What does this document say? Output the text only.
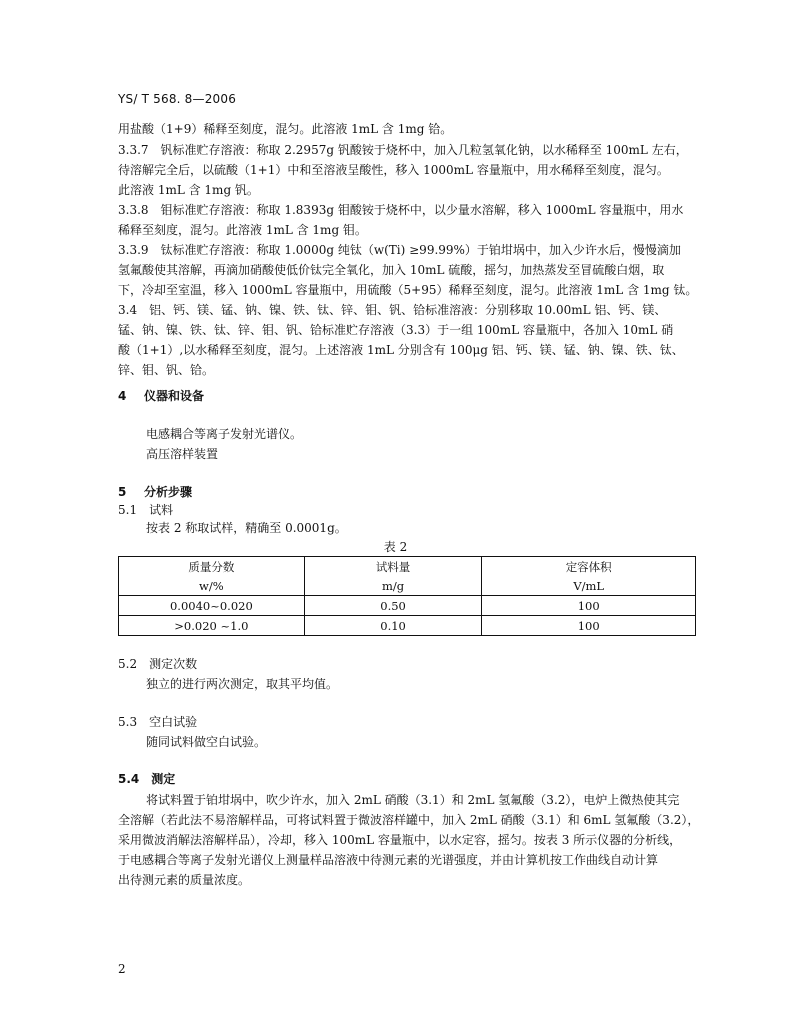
YS/ T 568. 8—2006
用盐酸（1+9）稀释至刻度，混匀。此溶液 1mL 含 1mg 铪。
3.3.7　钒标准贮存溶液：称取 2.2957g 钒酸铵于烧杯中，加入几粒氢氧化钠，以水稀释至 100mL 左右，
待溶解完全后，以硫酸（1+1）中和至溶液呈酸性，移入 1000mL 容量瓶中，用水稀释至刻度，混匀。
此溶液 1mL 含 1mg 钒。
3.3.8　钼标准贮存溶液：称取 1.8393g 钼酸铵于烧杯中，以少量水溶解，移入 1000mL 容量瓶中，用水
稀释至刻度，混匀。此溶液 1mL 含 1mg 钼。
3.3.9　钛标准贮存溶液：称取 1.0000g 纯钛（w(Ti) ≥99.99%）于铂坩埚中，加入少许水后，慢慢滴加
氢氟酸使其溶解，再滴加硝酸使低价钛完全氧化，加入 10mL 硫酸，摇匀，加热蒸发至冒硫酸白烟，取
下，冷却至室温，移入 1000mL 容量瓶中，用硫酸（5+95）稀释至刻度，混匀。此溶液 1mL 含 1mg 钛。
3.4　铝、钙、镁、锰、钠、镍、铁、钛、锌、钼、钒、铪标准溶液：分别移取 10.00mL 铝、钙、镁、
锰、钠、镍、铁、钛、锌、钼、钒、铪标准贮存溶液（3.3）于一组 100mL 容量瓶中，各加入 10mL 硝
酸（1+1）,以水稀释至刻度，混匀。上述溶液 1mL 分别含有 100μg 铝、钙、镁、锰、钠、镍、铁、钛、
锌、钼、钒、铪。
4 仪器和设备
电感耦合等离子发射光谱仪。
高压溶样装置
5 分析步骤
5.1　试料
按表 2 称取试样，精确至 0.0001g。
表 2
质量分数	试料量	定容体积
w/%	m/g	V/mL
0.0040~0.020	0.50	100
>0.020 ~1.0	0.10	100
5.2　测定次数
独立的进行两次测定，取其平均值。
5.3　空白试验
随同试料做空白试验。
5.4　测定
将试料置于铂坩埚中，吹少许水，加入 2mL 硝酸（3.1）和 2mL 氢氟酸（3.2），电炉上微热使其完
全溶解（若此法不易溶解样品，可将试料置于微波溶样罐中，加入 2mL 硝酸（3.1）和 6mL 氢氟酸（3.2），
采用微波消解法溶解样品），冷却，移入 100mL 容量瓶中，以水定容，摇匀。按表 3 所示仪器的分析线，
于电感耦合等离子发射光谱仪上测量样品溶液中待测元素的光谱强度，并由计算机按工作曲线自动计算
出待测元素的质量浓度。
2
